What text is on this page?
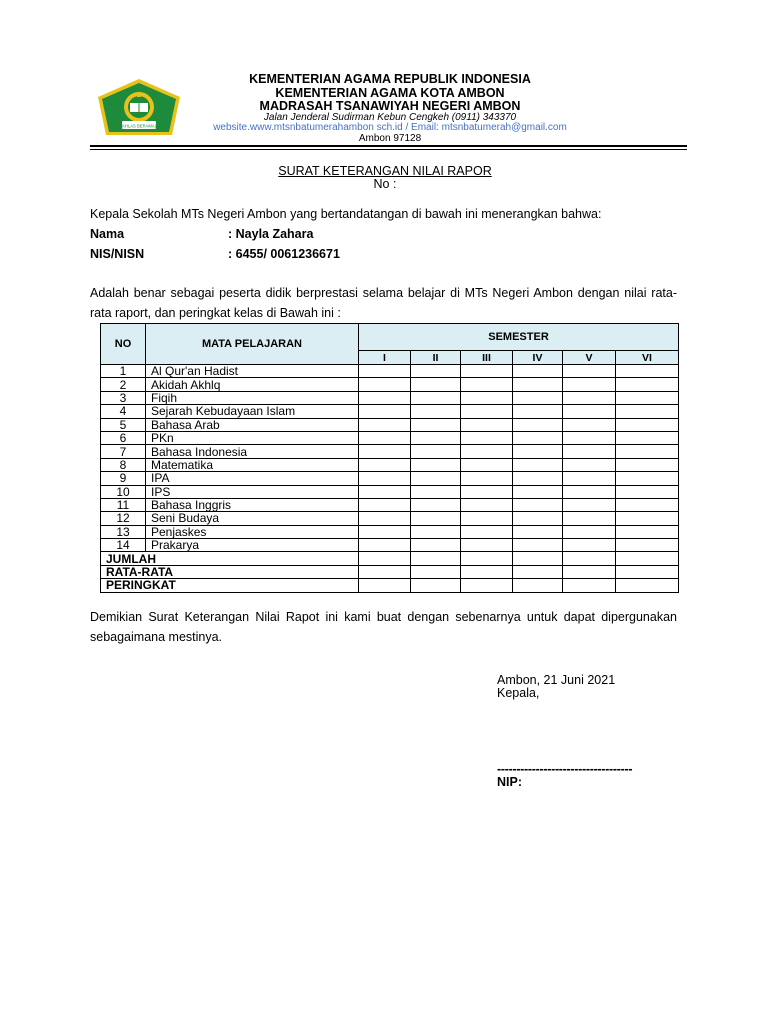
IKHLAS BERAMAL
KEMENTERIAN AGAMA REPUBLIK INDONESIA
KEMENTERIAN AGAMA KOTA AMBON
MADRASAH TSANAWIYAH NEGERI AMBON
Jalan Jenderal Sudirman Kebun Cengkeh (0911) 343370
website.www.mtsnbatumerahambon sch.id / Email: mtsnbatumerah@gmail.com
Ambon 97128
SURAT KETERANGAN NILAI RAPOR
No :
Kepala Sekolah MTs Negeri Ambon yang bertandatangan di bawah ini menerangkan bahwa:
Nama	: Nayla Zahara
NIS/NISN	: 6455/ 0061236671
Adalah benar sebagai peserta didik berprestasi selama belajar di MTs Negeri Ambon dengan nilai rata-rata raport, dan peringkat kelas di Bawah ini :
NO	MATA PELAJARAN	SEMESTER					
		I	II	III	IV	V	VI
1	Al Qur'an Hadist						
2	Akidah Akhlq						
3	Fiqih						
4	Sejarah Kebudayaan Islam						
5	Bahasa Arab						
6	PKn						
7	Bahasa Indonesia						
8	Matematika						
9	IPA						
10	IPS						
11	Bahasa Inggris						
12	Seni Budaya						
13	Penjaskes						
14	Prakarya						
JUMLAH							
RATA-RATA							
PERINGKAT							
Demikian Surat Keterangan Nilai Rapot ini kami buat dengan sebenarnya untuk dapat dipergunakan sebagaimana mestinya.
Ambon, 21 Juni 2021
Kepala,
-----------------------------------
NIP:
